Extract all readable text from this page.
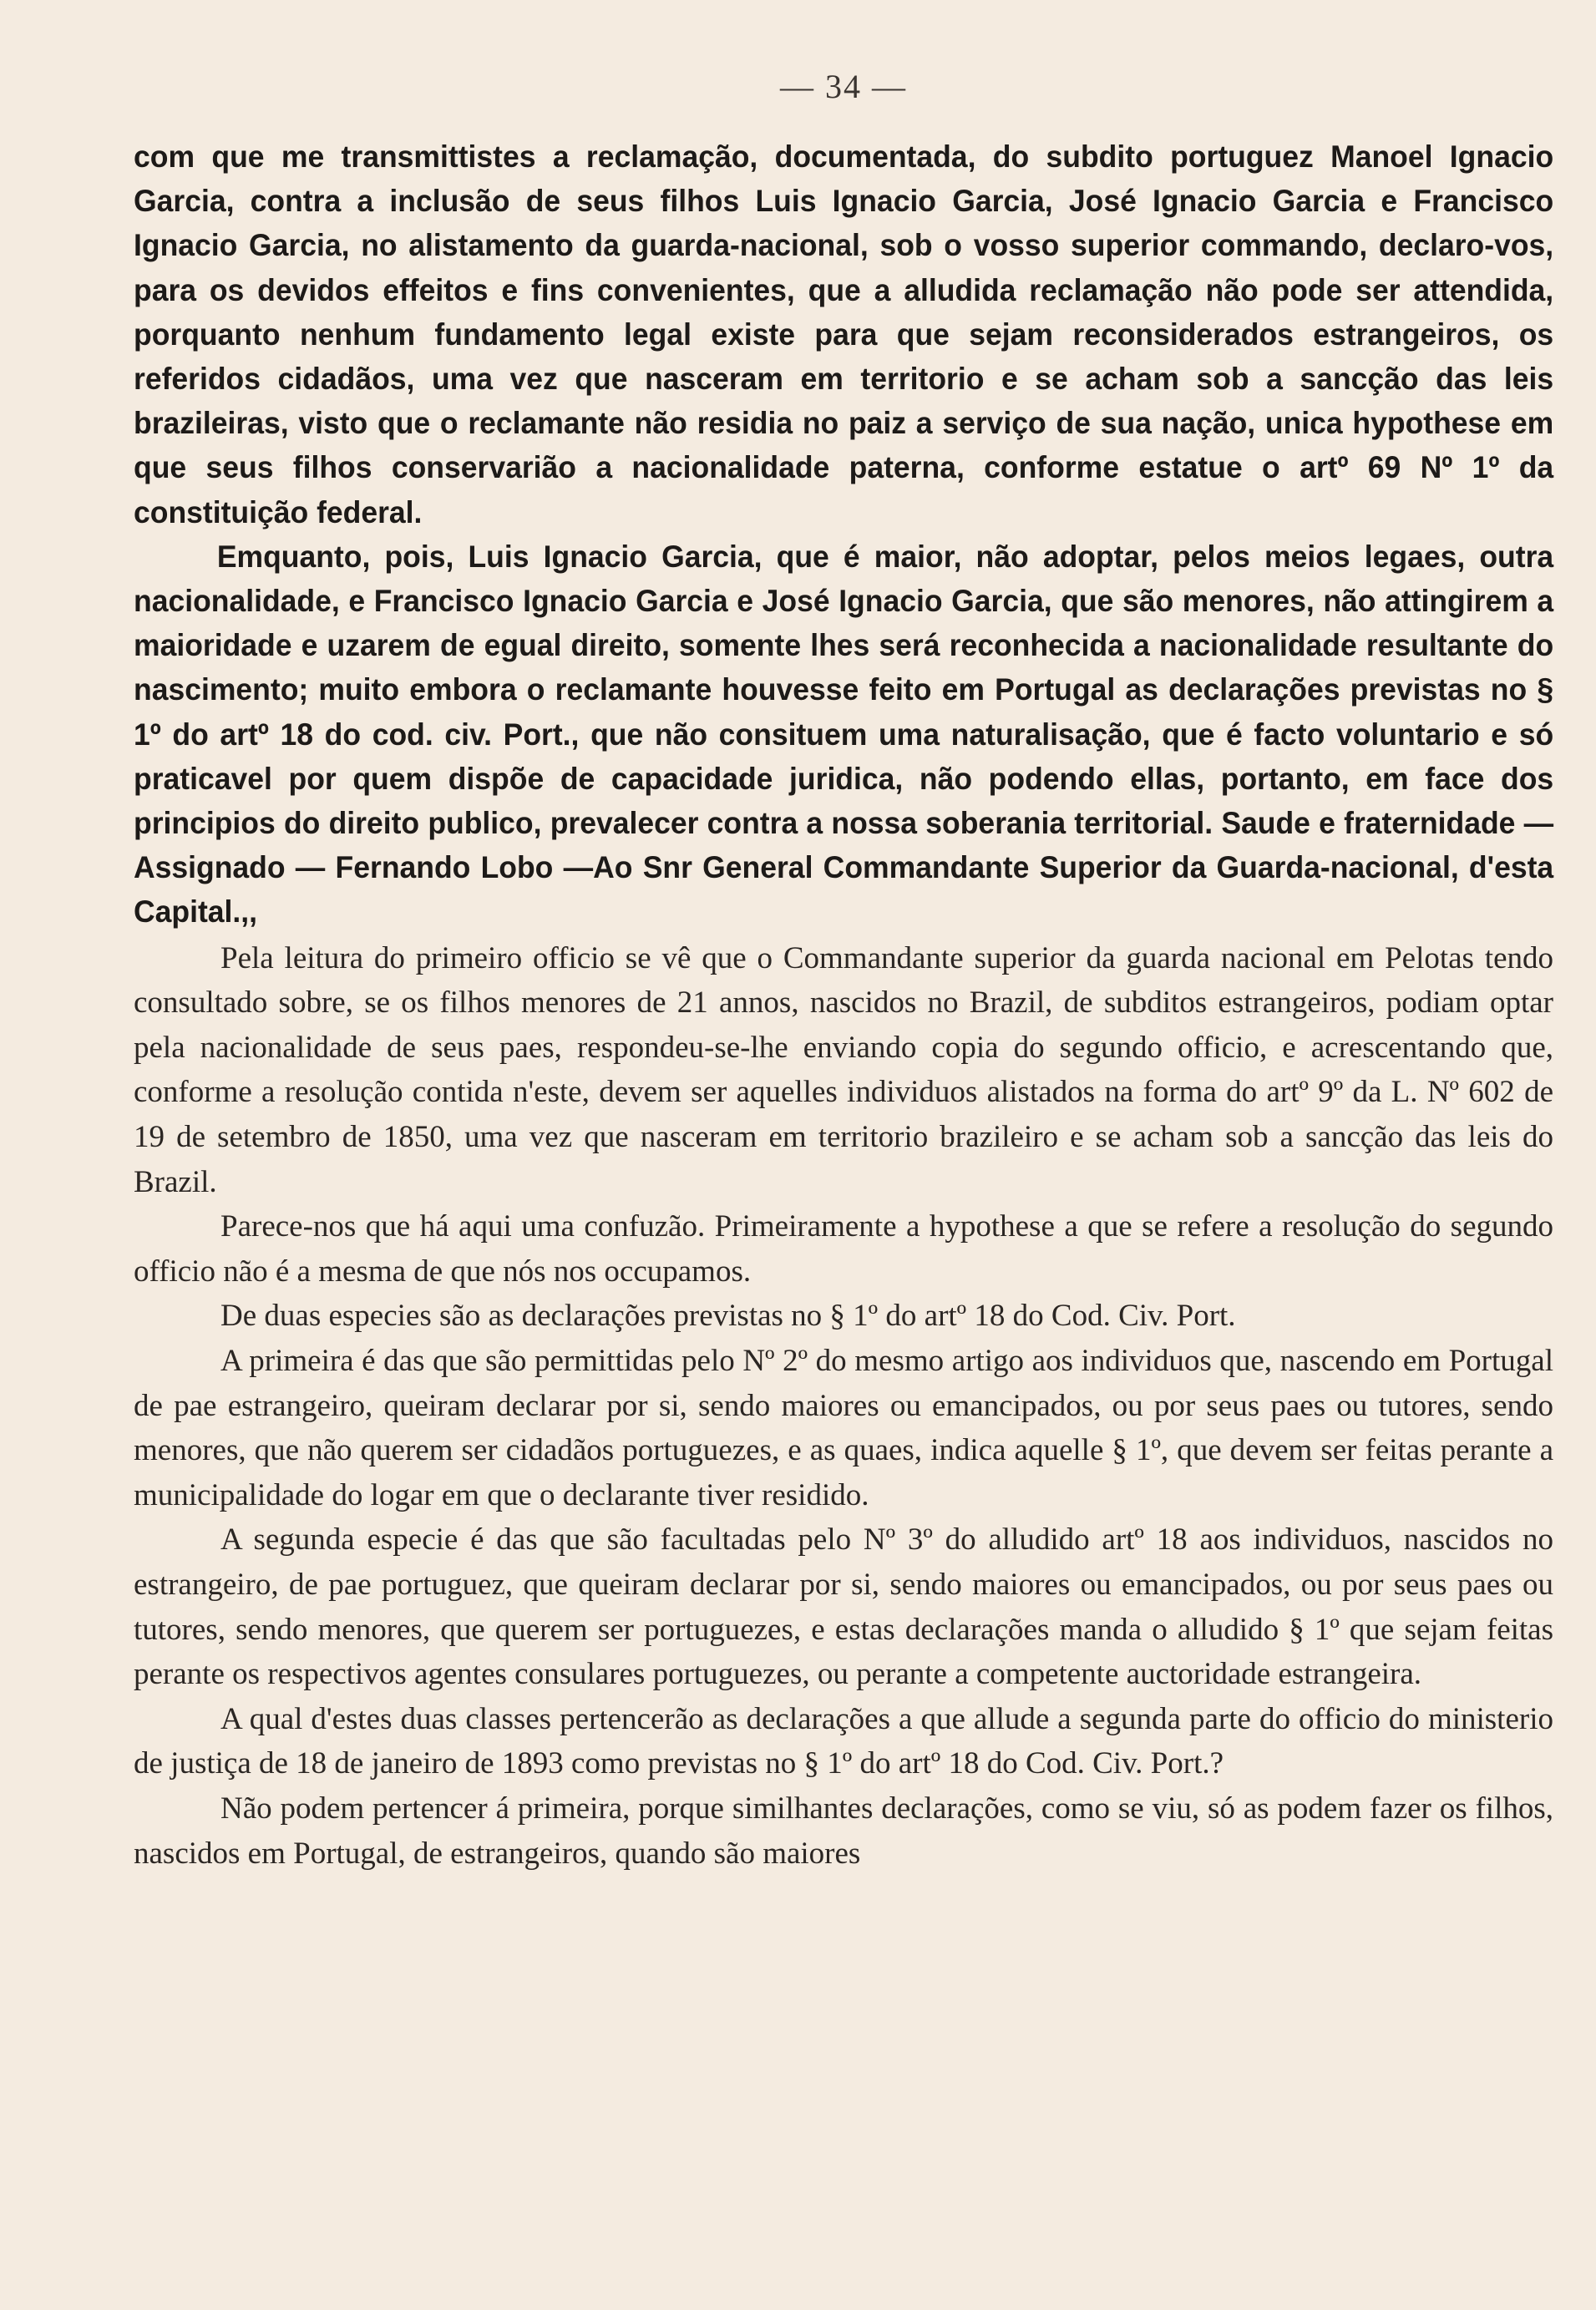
— 34 —

com que me transmittistes a reclamação, documentada, do subdito portuguez Manoel Ignacio Garcia, contra a inclusão de seus filhos Luis Ignacio Garcia, José Ignacio Garcia e Francisco Ignacio Garcia, no alistamento da guarda-nacional, sob o vosso superior commando, declaro-vos, para os devidos effeitos e fins convenientes, que a alludida reclamação não pode ser attendida, porquanto nenhum fundamento legal existe para que sejam reconsiderados estrangeiros, os referidos cidadãos, uma vez que nasceram em territorio e se acham sob a sancção das leis brazileiras, visto que o reclamante não residia no paiz a serviço de sua nação, unica hypothese em que seus filhos conservarião a nacionalidade paterna, conforme estatue o artº 69 Nº 1º da constituição federal.

Emquanto, pois, Luis Ignacio Garcia, que é maior, não adoptar, pelos meios legaes, outra nacionalidade, e Francisco Ignacio Garcia e José Ignacio Garcia, que são menores, não attingirem a maioridade e uzarem de egual direito, somente lhes será reconhecida a nacionalidade resultante do nascimento; muito embora o reclamante houvesse feito em Portugal as declarações previstas no § 1º do artº 18 do cod. civ. Port., que não consituem uma naturalisação, que é facto voluntario e só praticavel por quem dispõe de capacidade juridica, não podendo ellas, portanto, em face dos principios do direito publico, prevalecer contra a nossa soberania territorial. Saude e fraternidade — Assignado — Fernando Lobo —Ao Snr General Commandante Superior da Guarda-nacional, d'esta Capital.,,

Pela leitura do primeiro officio se vê que o Commandante superior da guarda nacional em Pelotas tendo consultado sobre, se os filhos menores de 21 annos, nascidos no Brazil, de subditos estrangeiros, podiam optar pela nacionalidade de seus paes, respondeu-se-lhe enviando copia do segundo officio, e acrescentando que, conforme a resolução contida n'este, devem ser aquelles individuos alistados na forma do artº 9º da L. Nº 602 de 19 de setembro de 1850, uma vez que nasceram em territorio brazileiro e se acham sob a sancção das leis do Brazil.

Parece-nos que há aqui uma confuzão. Primeiramente a hypothese a que se refere a resolução do segundo officio não é a mesma de que nós nos occupamos.

De duas especies são as declarações previstas no § 1º do artº 18 do Cod. Civ. Port.

A primeira é das que são permittidas pelo Nº 2º do mesmo artigo aos individuos que, nascendo em Portugal de pae estrangeiro, queiram declarar por si, sendo maiores ou emancipados, ou por seus paes ou tutores, sendo menores, que não querem ser cidadãos portuguezes, e as quaes, indica aquelle § 1º, que devem ser feitas perante a municipalidade do logar em que o declarante tiver residido.

A segunda especie é das que são facultadas pelo Nº 3º do alludido artº 18 aos individuos, nascidos no estrangeiro, de pae portuguez, que queiram declarar por si, sendo maiores ou emancipados, ou por seus paes ou tutores, sendo menores, que querem ser portuguezes, e estas declarações manda o alludido § 1º que sejam feitas perante os respectivos agentes consulares portuguezes, ou perante a competente auctoridade estrangeira.

A qual d'estes duas classes pertencerão as declarações a que allude a segunda parte do officio do ministerio de justiça de 18 de janeiro de 1893 como previstas no § 1º do artº 18 do Cod. Civ. Port.?

Não podem pertencer á primeira, porque similhantes declarações, como se viu, só as podem fazer os filhos, nascidos em Portugal, de estrangeiros, quando são maiores
